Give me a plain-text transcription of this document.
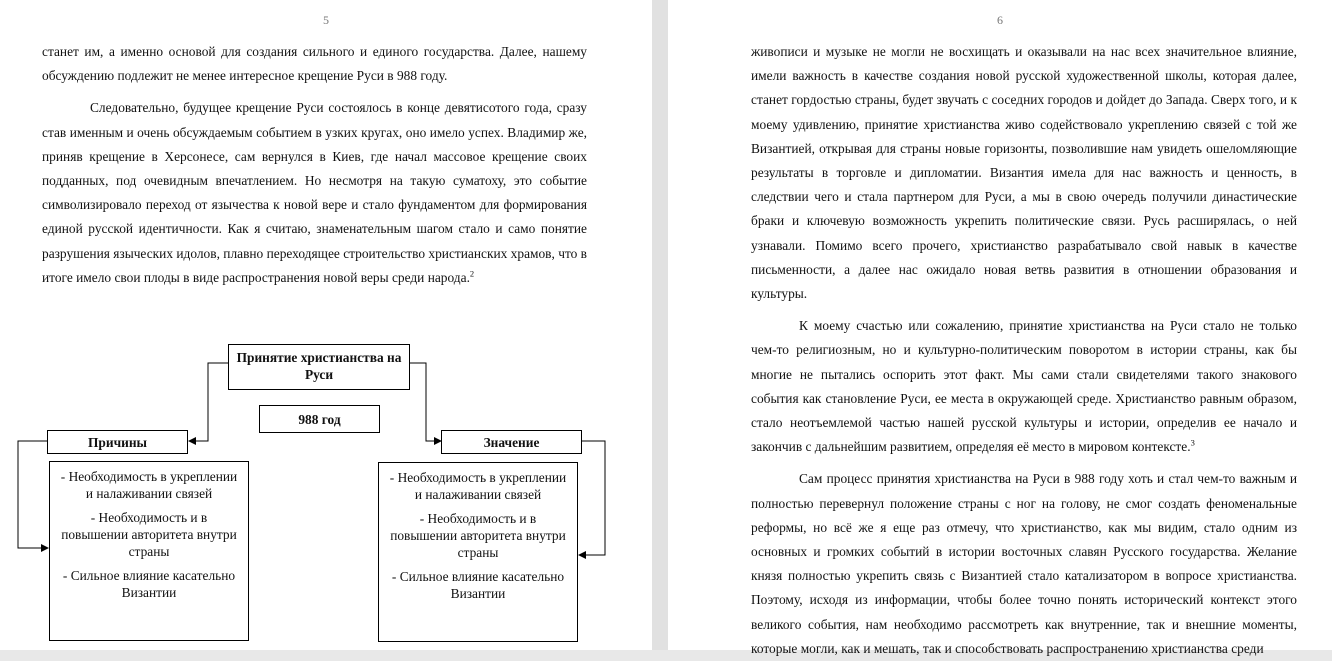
5	6

станет им, а именно основой для создания сильного и единого государства. Далее, нашему обсуждению подлежит не менее интересное крещение Руси в 988 году.

Следовательно, будущее крещение Руси состоялось в конце девятисотого года, сразу став именным и очень обсуждаемым событием в узких кругах, оно имело успех. Владимир же, приняв крещение в Херсонесе, сам вернулся в Киев, где начал массовое крещение своих подданных, под очевидным впечатлением. Но несмотря на такую суматоху, это событие символизировало переход от язычества к новой вере и стало фундаментом для формирования единой русской идентичности. Как я считаю, знаменательным шагом стало и само понятие разрушения языческих идолов, плавно переходящее строительство христианских храмов, что в итоге имело свои плоды в виде распространения новой веры среди народа.$^2$

живописи и музыке не могли не восхищать и оказывали на нас всех значительное влияние, имели важность в качестве создания новой русской художественной школы, которая далее, станет гордостью страны, будет звучать с соседних городов и дойдет до Запада. Сверх того, и к моему удивлению, принятие христианства живо содействовало укреплению связей с той же Византией, открывая для страны новые горизонты, позволившие нам увидеть ошеломляющие результаты в торговле и дипломатии. Византия имела для нас важность и ценность, в следствии чего и стала партнером для Руси, а мы в свою очередь получили династические браки и ключевую возможность укрепить политические связи. Русь расширялась, о ней узнавали. Помимо всего прочего, христианство разрабатывало свой навык в качестве письменности, а далее нас ожидало новая ветвь развития в отношении образования и культуры.

К моему счастью или сожалению, принятие христианства на Руси стало не только чем-то религиозным, но и культурно-политическим поворотом в истории страны, как бы многие не пытались оспорить этот факт. Мы сами стали свидетелями такого знакового события как становление Руси, ее места в окружающей среде. Христианство равным образом, стало неотъемлемой частью нашей русской культуры и истории, определив ее начало и закончив с дальнейшим развитием, определяя её место в мировом контексте.$^3$

Сам процесс принятия христианства на Руси в 988 году хоть и стал чем-то важным и полностью перевернул положение страны с ног на голову, не смог создать феноменальные реформы, но всё же я еще раз отмечу, что христианство, как мы видим, стало одним из основных и громких событий в истории восточных славян Русского государства. Желание князя полностью укрепить связь с Византией стало катализатором в вопросе христианства. Поэтому, исходя из информации, чтобы более точно понять исторический контекст этого великого события, нам необходимо рассмотреть как внутренние, так и внешние моменты, которые могли, как и мешать, так и способствовать распространению христианства среди

Принятие христианства на Руси
988 год
Причины	Значение
- Необходимость в укреплении и налаживании связей
- Необходимость и в повышении авторитета внутри страны
- Сильное влияние касательно Византии
- Необходимость в укреплении и налаживании связей
- Необходимость и в повышении авторитета внутри страны
- Сильное влияние касательно Византии
